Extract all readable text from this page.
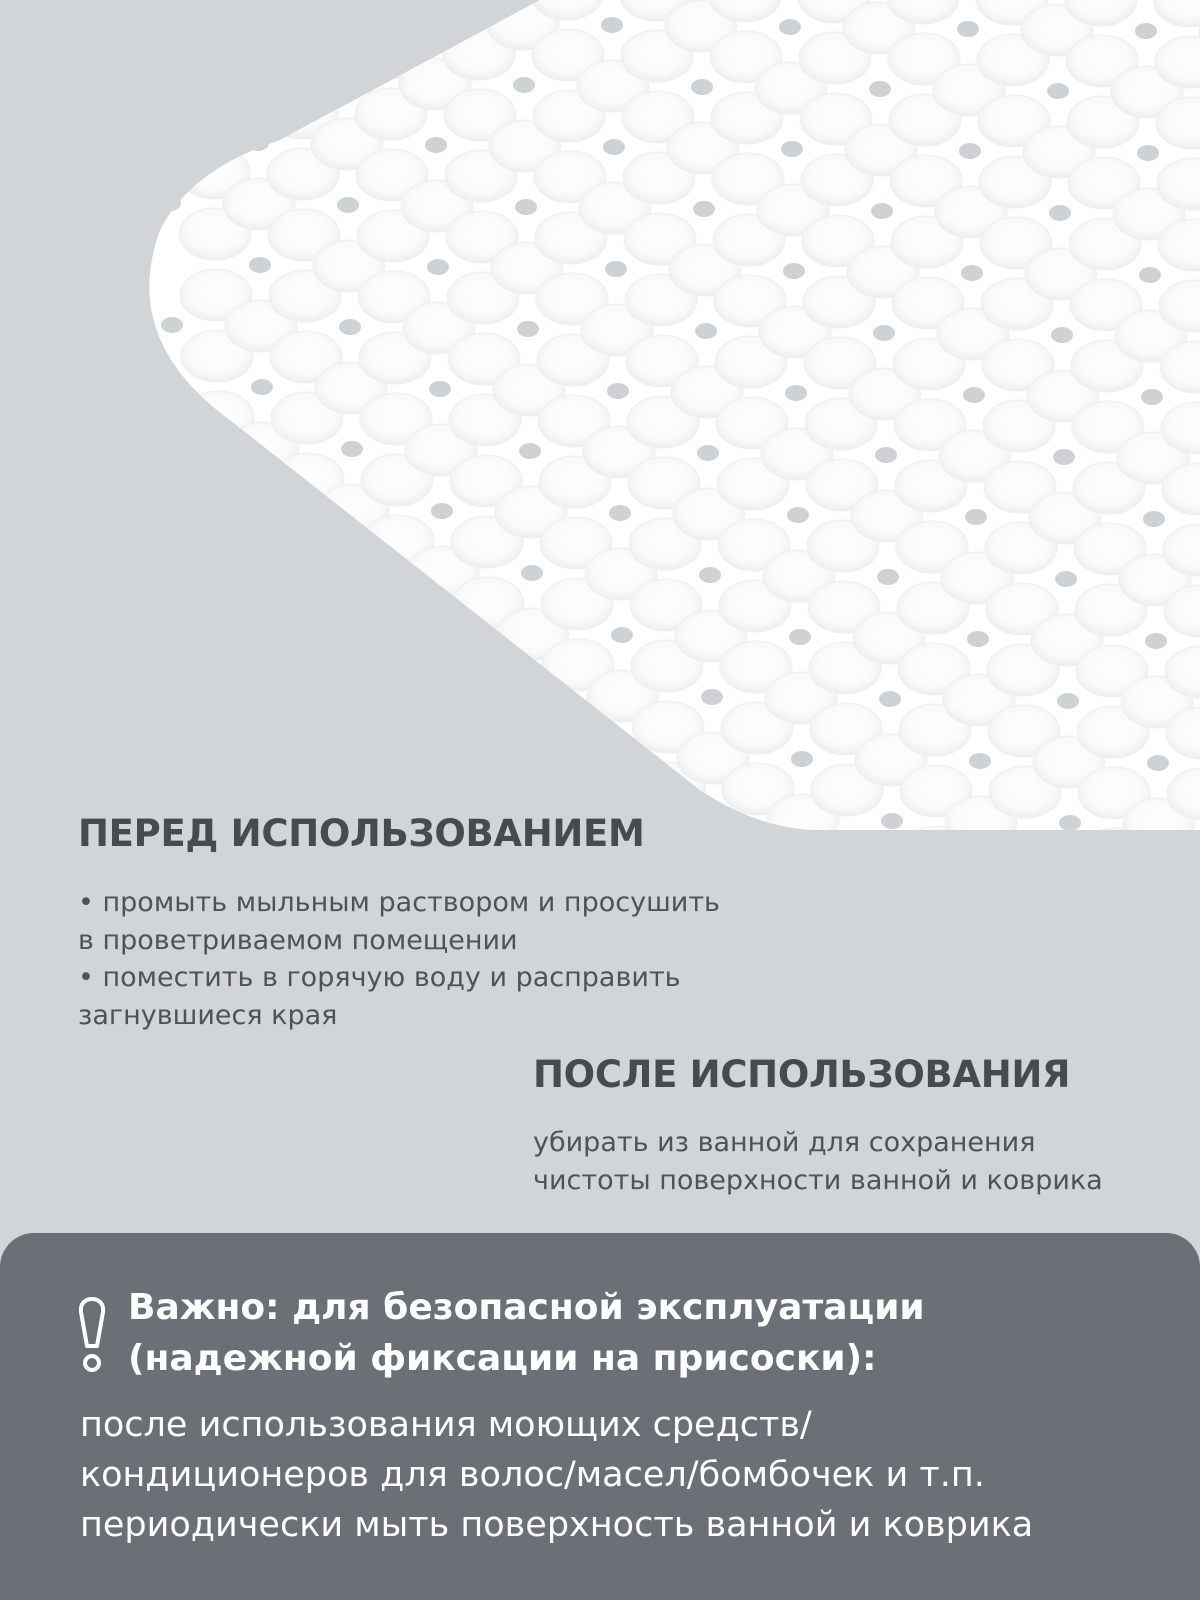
ПЕРЕД ИСПОЛЬЗОВАНИЕМ

• промыть мыльным раствором и просушить
в проветриваемом помещении
• поместить в горячую воду и расправить
загнувшиеся края

ПОСЛЕ ИСПОЛЬЗОВАНИЯ

убирать из ванной для сохранения
чистоты поверхности ванной и коврика

Важно: для безопасной эксплуатации
(надежной фиксации на присоски):

после использования моющих средств/
кондиционеров для волос/масел/бомбочек и т.п.
периодически мыть поверхность ванной и коврика
